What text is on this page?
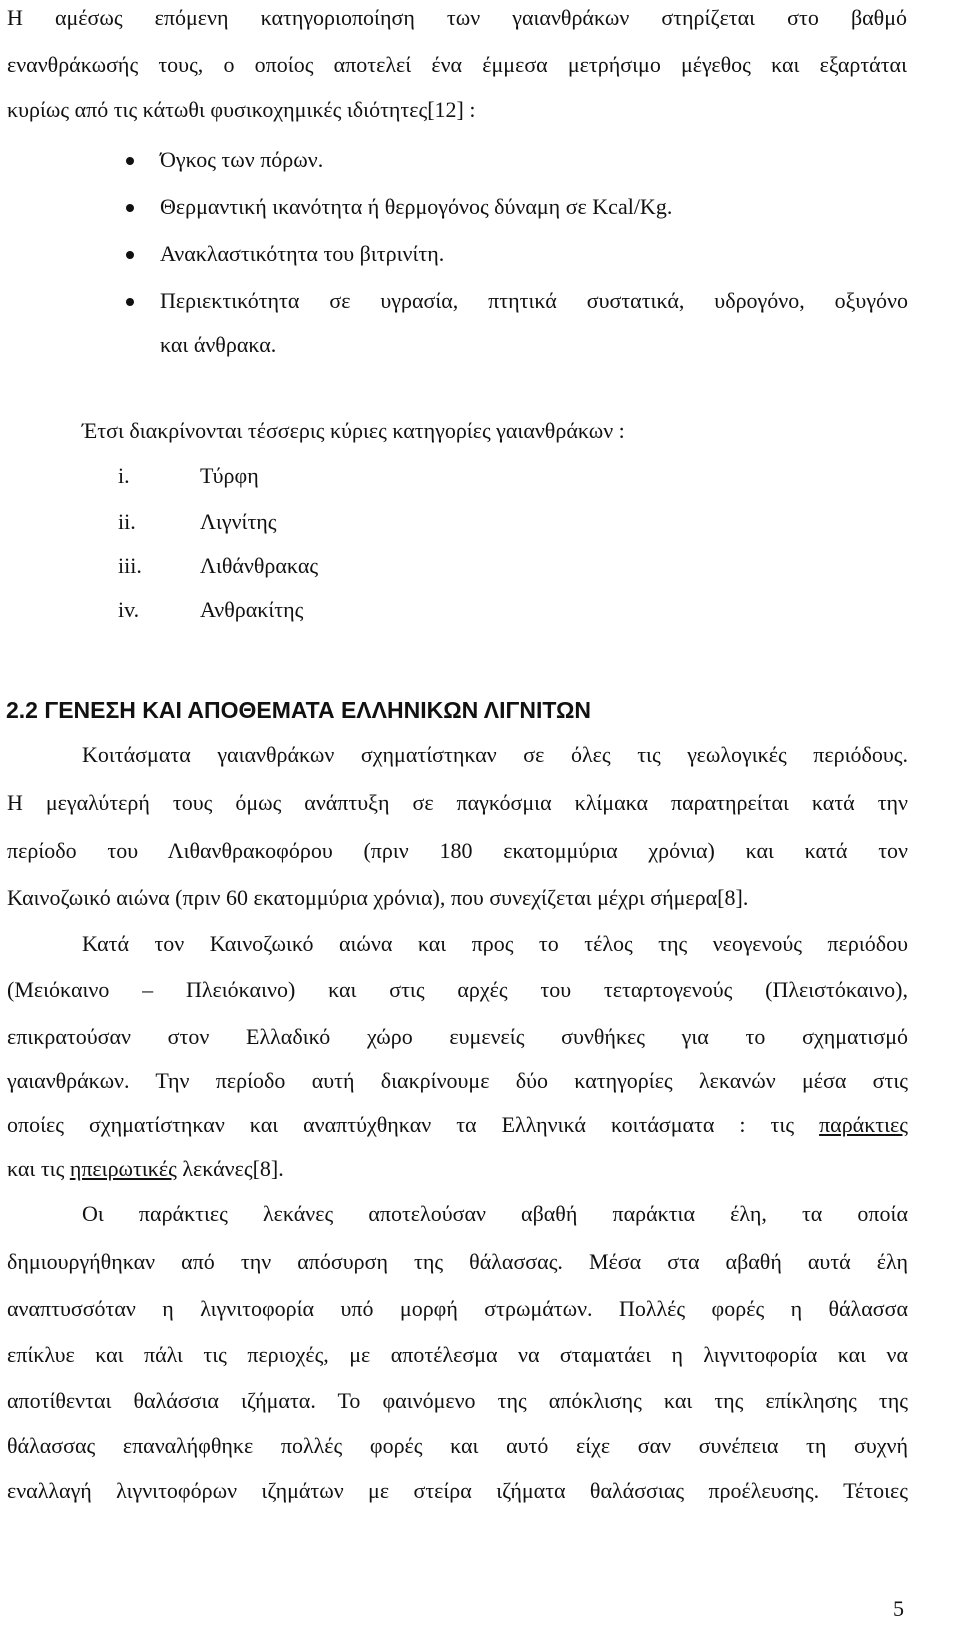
Η αμέσως επόμενη κατηγοριοποίηση των γαιανθράκων στηρίζεται στο βαθμό
ενανθράκωσής τους, ο οποίος αποτελεί ένα έμμεσα μετρήσιμο μέγεθος και εξαρτάται
κυρίως από τις κάτωθι φυσικοχημικές ιδιότητες[12] :
Όγκος των πόρων.
Θερμαντική ικανότητα ή θερμογόνος δύναμη σε Kcal/Kg.
Ανακλαστικότητα του βιτρινίτη.
Περιεκτικότητα σε υγρασία, πτητικά συστατικά, υδρογόνο, οξυγόνο
και άνθρακα.
Έτσι διακρίνονται τέσσερις κύριες κατηγορίες γαιανθράκων :
i.	Τύρφη
ii.	Λιγνίτης
iii.	Λιθάνθρακας
iv.	Ανθρακίτης
2.2 ΓΕΝΕΣΗ ΚΑΙ ΑΠΟΘΕΜΑΤΑ ΕΛΛΗΝΙΚΩΝ ΛΙΓΝΙΤΩΝ
Κοιτάσματα γαιανθράκων σχηματίστηκαν σε όλες τις γεωλογικές περιόδους.
Η μεγαλύτερή τους όμως ανάπτυξη σε παγκόσμια κλίμακα παρατηρείται κατά την
περίοδο του Λιθανθρακοφόρου (πριν 180 εκατομμύρια χρόνια) και κατά τον
Καινοζωικό αιώνα (πριν 60 εκατομμύρια χρόνια), που συνεχίζεται μέχρι σήμερα[8].
Κατά τον Καινοζωικό αιώνα και προς το τέλος της νεογενούς περιόδου
(Μειόκαινο – Πλειόκαινο) και στις αρχές του τεταρτογενούς (Πλειστόκαινο),
επικρατούσαν στον Ελλαδικό χώρο ευμενείς συνθήκες για το σχηματισμό
γαιανθράκων. Την περίοδο αυτή διακρίνουμε δύο κατηγορίες λεκανών μέσα στις
οποίες σχηματίστηκαν και αναπτύχθηκαν τα Ελληνικά κοιτάσματα : τις παράκτιες
και τις ηπειρωτικές λεκάνες[8].
Οι παράκτιες λεκάνες αποτελούσαν αβαθή παράκτια έλη, τα οποία
δημιουργήθηκαν από την απόσυρση της θάλασσας. Μέσα στα αβαθή αυτά έλη
αναπτυσσόταν η λιγνιτοφορία υπό μορφή στρωμάτων. Πολλές φορές η θάλασσα
επίκλυε και πάλι τις περιοχές, με αποτέλεσμα να σταματάει η λιγνιτοφορία και να
αποτίθενται θαλάσσια ιζήματα. Το φαινόμενο της απόκλισης και της επίκλησης της
θάλασσας επαναλήφθηκε πολλές φορές και αυτό είχε σαν συνέπεια τη συχνή
εναλλαγή λιγνιτοφόρων ιζημάτων με στείρα ιζήματα θαλάσσιας προέλευσης. Τέτοιες
5
